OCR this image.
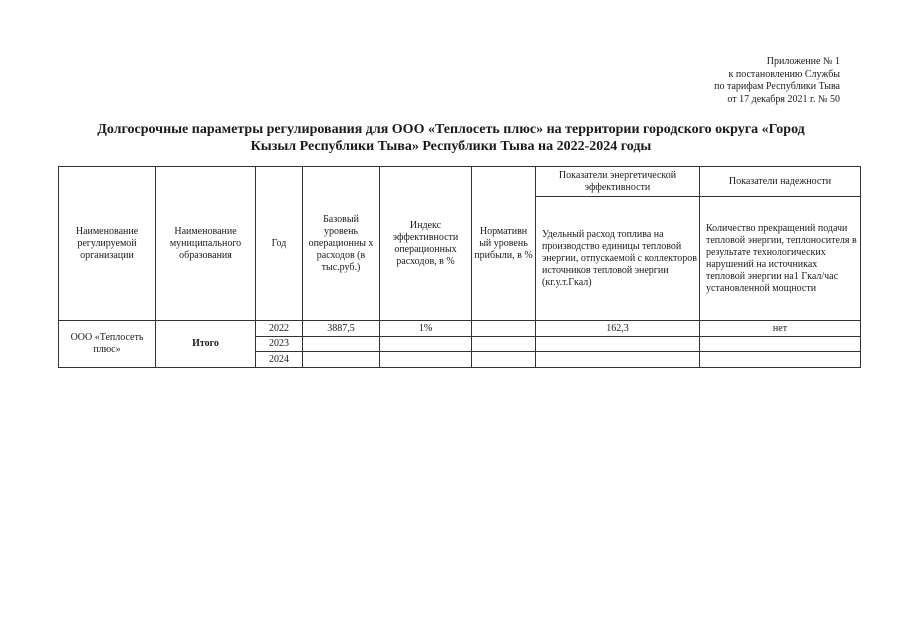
Приложение № 1
к постановлению Службы
по тарифам Республики Тыва
от 17 декабря 2021 г. № 50
Долгосрочные параметры регулирования для ООО «Теплосеть плюс» на территории городского округа «Город
Кызыл Республики Тыва» Республики Тыва на 2022-2024 годы
Наименование регулируемой организации	Наименование муниципального образования	Год	Базовый уровень операционны х расходов (в тыс.руб.)	Индекс эффективности операционных расходов, в %	Нормативн ый уровень прибыли, в %	Показатели энергетической эффективности	Показатели надежности
						Удельный расход топлива на производство единицы тепловой энергии, отпускаемой с коллекторов источников тепловой энергии (кг.у.т.Гкал)	Количество прекращений подачи тепловой энергии, теплоносителя в результате технологических нарушений на источниках тепловой энергии на1 Гкал/час установленной мощности
ООО «Теплосеть плюс»	Итого	2022	3887,5	1%		162,3	нет
		2023					
		2024					
